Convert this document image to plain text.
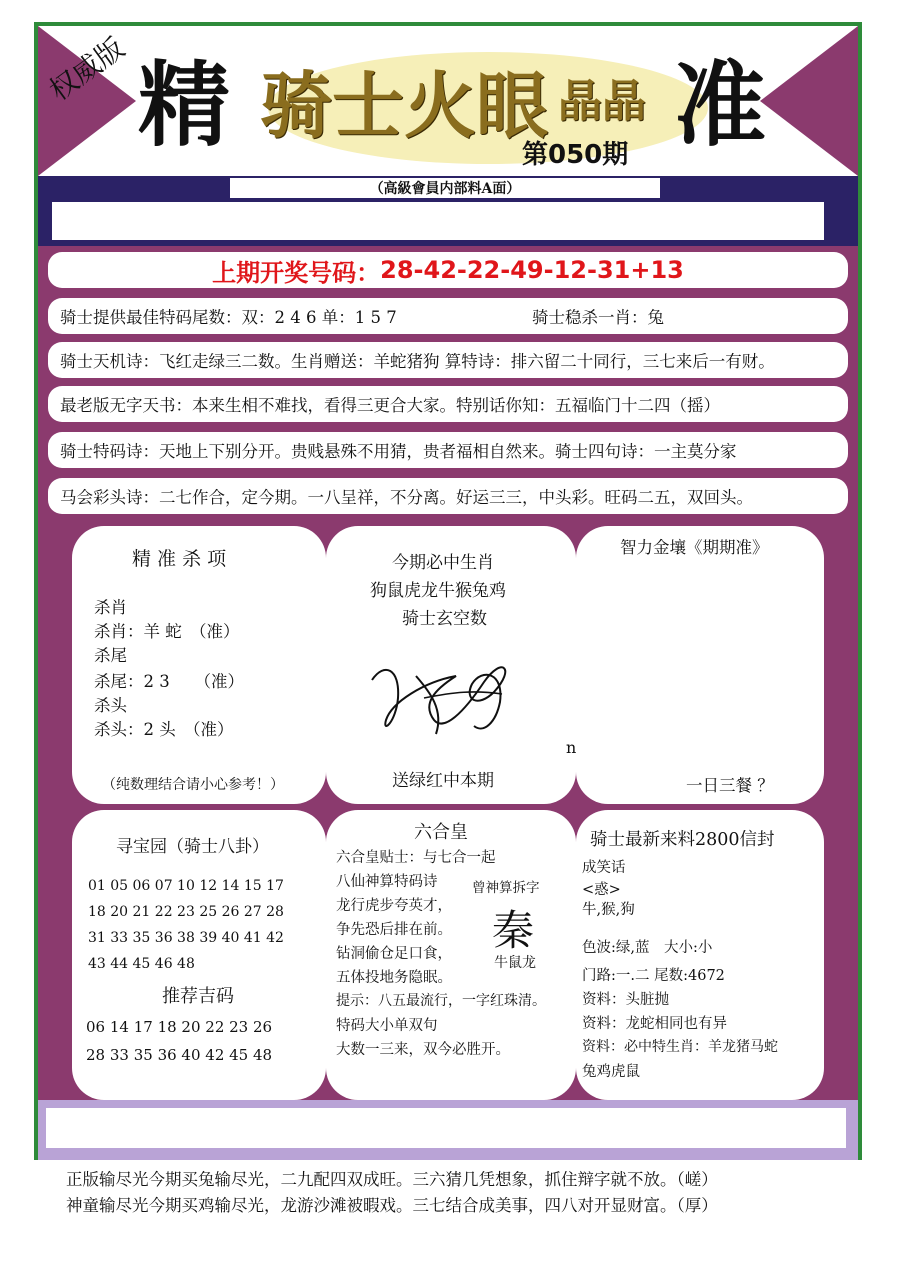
权威版 精 骑士火眼 晶晶 准
第050期
（高級會員内部料A面）
上期开奖号码： 28-42-22-49-12-31+13
骑士提供最佳特码尾数：双：2 4 6 单：1 5 7	骑士稳杀一肖：兔
骑士天机诗：飞红走绿三二数。生肖赠送：羊蛇猪狗 算特诗：排六留二十同行，三七来后一有财。
最老版无字天书：本来生相不难找，看得三更合大家。特别话你知：五福临门十二四（摇）
骑士特码诗：天地上下别分开。贵贱悬殊不用猜，贵者福相自然来。骑士四句诗：一主莫分家
马会彩头诗：二七作合，定今期。一八呈祥，不分离。好运三三，中头彩。旺码二五，双回头。
精 准 杀 项
杀肖
杀肖：羊 蛇　（准）
杀尾
杀尾：2 3　　（准）
杀头
杀头：2 头　（准）
（纯数理结合请小心参考！）
今期必中生肖
狗鼠虎龙牛猴兔鸡
骑士玄空数
n
送绿红中本期
智力金壤《期期准》
一日三餐 ？
寻宝园（骑士八卦）
01 05 06 07 10 12 14 15 17
18 20 21 22 23 25 26 27 28
31 33 35 36 38 39 40 41 42
43 44 45 46 48
推荐吉码
06 14 17 18 20 22 23 26
28 33 35 36 40 42 45 48
六合皇
六合皇贴士：与七合一起
八仙神算特码诗
龙行虎步夸英才，
争先恐后排在前。
钻洞偷仓足口食，
五体投地务隐眠。
提示：八五最流行，一字红珠清。
特码大小单双句
大数一三来，双今必胜开。
曾神算拆字
秦
牛鼠龙
骑士最新来料2800信封
成笑话
<惑>
牛,猴,狗
色波:绿,蓝　大小:小
门路:一.二 尾数:4672
资料：头脏抛
资料：龙蛇相同也有异
资料：必中特生肖：羊龙猪马蛇
兔鸡虎鼠
正版输尽光今期买兔输尽光，二九配四双成旺。三六猜几凭想象，抓住辩字就不放。（嵯）
神童输尽光今期买鸡输尽光，龙游沙滩被暇戏。三七结合成美事，四八对开显财富。（厚）
